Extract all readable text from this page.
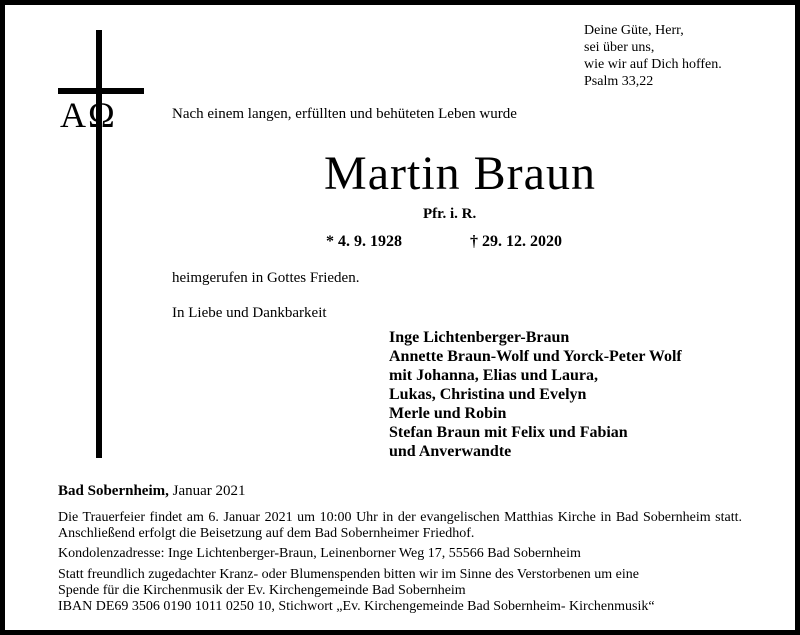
Deine Güte, Herr,
sei über uns,
wie wir auf Dich hoffen.
Psalm 33,22
AΩ	Nach einem langen, erfüllten und behüteten Leben wurde
Martin Braun
Pfr. i. R.
* 4. 9. 1928	† 29. 12. 2020
heimgerufen in Gottes Frieden.
In Liebe und Dankbarkeit
Inge Lichtenberger-Braun
Annette Braun-Wolf und Yorck-Peter Wolf
mit Johanna, Elias und Laura,
Lukas, Christina und Evelyn
Merle und Robin
Stefan Braun mit Felix und Fabian
und Anverwandte
Bad Sobernheim, Januar 2021
Die Trauerfeier findet am 6. Januar 2021 um 10:00 Uhr in der evangelischen Matthias Kirche in Bad Sobernheim statt. Anschließend erfolgt die Beisetzung auf dem Bad Sobernheimer Friedhof.
Kondolenzadresse: Inge Lichtenberger-Braun, Leinenborner Weg 17, 55566 Bad Sobernheim
Statt freundlich zugedachter Kranz- oder Blumenspenden bitten wir im Sinne des Verstorbenen um eine
Spende für die Kirchenmusik der Ev. Kirchengemeinde Bad Sobernheim
IBAN DE69 3506 0190 1011 0250 10, Stichwort „Ev. Kirchengemeinde Bad Sobernheim- Kirchenmusik“
